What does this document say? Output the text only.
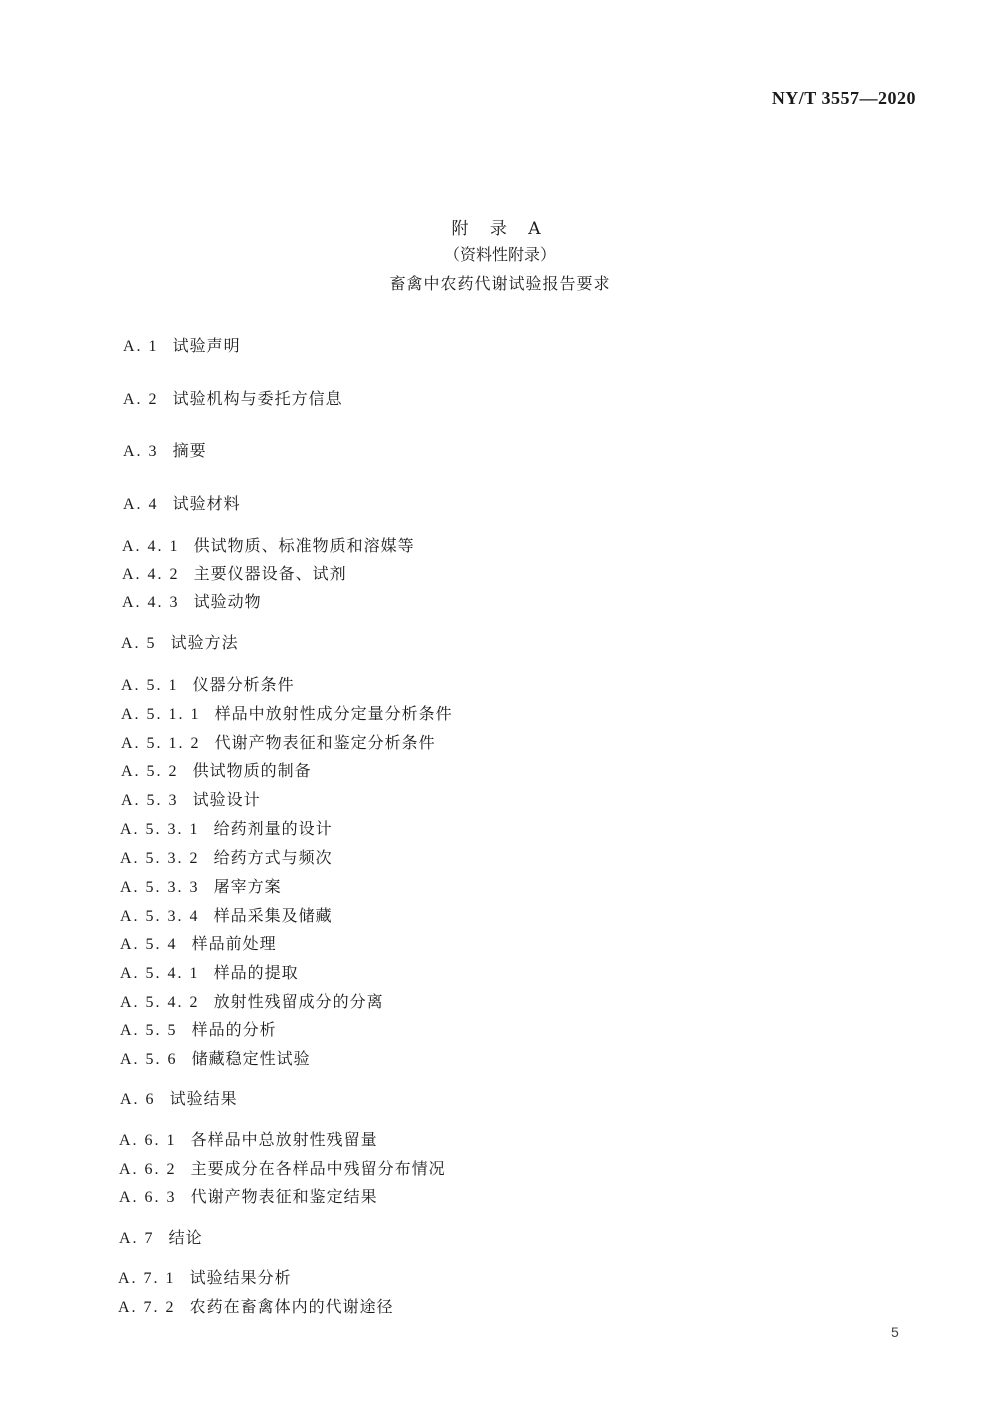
NY/T 3557—2020
附 录 A
（资料性附录）
畜禽中农药代谢试验报告要求
A. 1 试验声明
A. 2 试验机构与委托方信息
A. 3 摘要
A. 4 试验材料
A. 4. 1 供试物质、标准物质和溶媒等
A. 4. 2 主要仪器设备、试剂
A. 4. 3 试验动物
A. 5 试验方法
A. 5. 1 仪器分析条件
A. 5. 1. 1 样品中放射性成分定量分析条件
A. 5. 1. 2 代谢产物表征和鉴定分析条件
A. 5. 2 供试物质的制备
A. 5. 3 试验设计
A. 5. 3. 1 给药剂量的设计
A. 5. 3. 2 给药方式与频次
A. 5. 3. 3 屠宰方案
A. 5. 3. 4 样品采集及储藏
A. 5. 4 样品前处理
A. 5. 4. 1 样品的提取
A. 5. 4. 2 放射性残留成分的分离
A. 5. 5 样品的分析
A. 5. 6 储藏稳定性试验
A. 6 试验结果
A. 6. 1 各样品中总放射性残留量
A. 6. 2 主要成分在各样品中残留分布情况
A. 6. 3 代谢产物表征和鉴定结果
A. 7 结论
A. 7. 1 试验结果分析
A. 7. 2 农药在畜禽体内的代谢途径
5
